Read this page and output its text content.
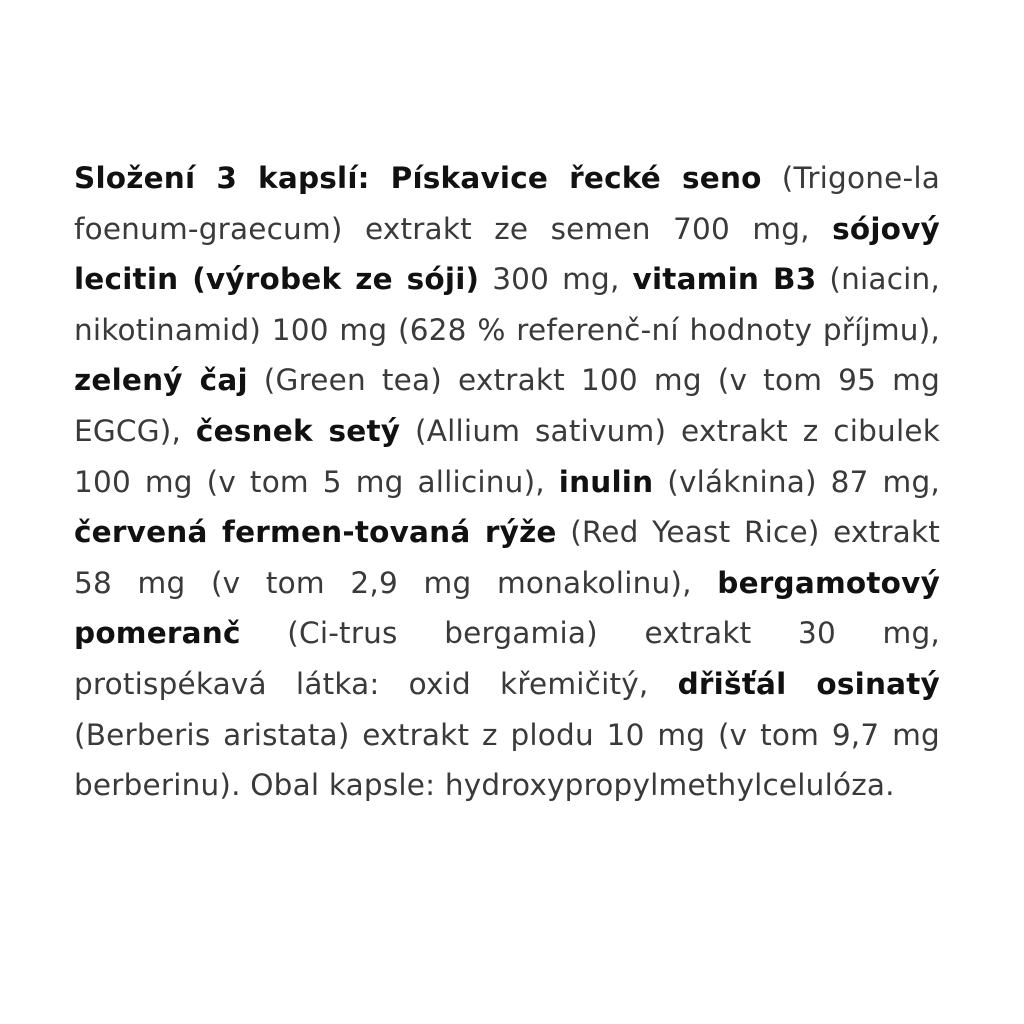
Složení 3 kapslí: Pískavice řecké seno (Trigone-la foenum-graecum) extrakt ze semen 700 mg, sójový lecitin (výrobek ze sóji) 300 mg, vitamin B3 (niacin, nikotinamid) 100 mg (628 % referenč-ní hodnoty příjmu), zelený čaj (Green tea) extrakt 100 mg (v tom 95 mg EGCG), česnek setý (Allium sativum) extrakt z cibulek 100 mg (v tom 5 mg allicinu), inulin (vláknina) 87 mg, červená fermen-tovaná rýže (Red Yeast Rice) extrakt 58 mg (v tom 2,9 mg monakolinu), bergamotový pomeranč (Ci-trus bergamia) extrakt 30 mg, protispékavá látka: oxid křemičitý, dřišťál osinatý (Berberis aristata) extrakt z plodu 10 mg (v tom 9,7 mg berberinu). Obal kapsle: hydroxypropylmethylcelulóza.
